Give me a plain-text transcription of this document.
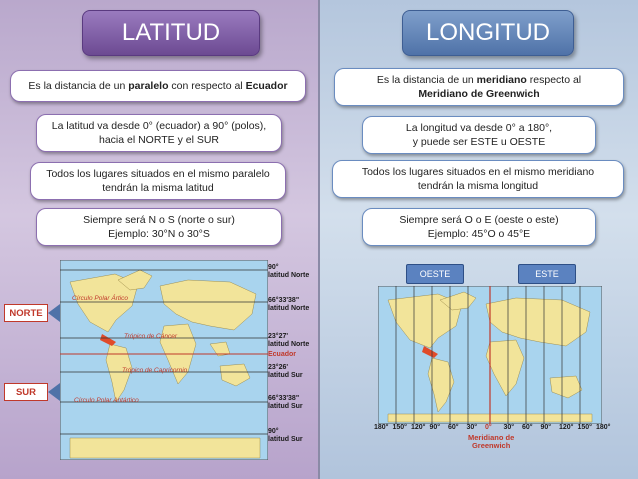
LATITUD	LONGITUD
Es la distancia de un paralelo con respecto al Ecuador
La latitud va desde 0° (ecuador) a 90° (polos),
hacia el NORTE y el SUR
Todos los lugares situados en el mismo paralelo
tendrán la misma latitud
Siempre será N o S (norte o sur)
Ejemplo: 30°N o 30°S
Es la distancia de un meridiano respecto al
Meridiano de Greenwich
La longitud va desde 0° a 180°,
y puede ser ESTE u OESTE
Todos los lugares situados en el mismo meridiano
tendrán la misma longitud
Siempre será O o E (oeste o este)
Ejemplo: 45°O o 45°E
Círculo Polar Ártico
Trópico de Cáncer
Trópico de Capricornio
Círculo Polar Antártico
90°
latitud Norte
66°33'38"
latitud Norte
23°27'
latitud Norte
Ecuador
23°26'
latitud Sur
66°33'38"
latitud Sur
90°
latitud Sur
NORTE
SUR
OESTE	ESTE
180° 150° 120° 90° 60° 30° 0° 30° 60° 90° 120° 150° 180°
Meridiano de
Greenwich
